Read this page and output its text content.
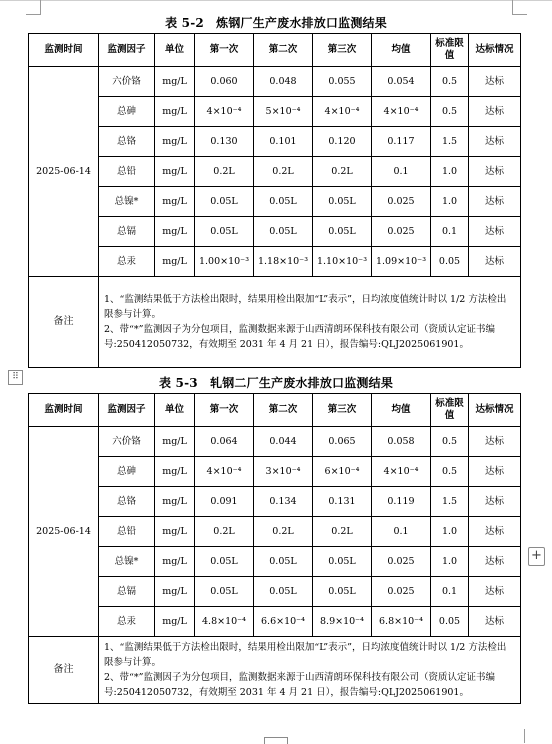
表 5-2　炼钢厂生产废水排放口监测结果
监测时间	监测因子	单位	第一次	第二次	第三次	均值	标准限值	达标情况
2025-06-14	六价铬	mg/L	0.060	0.048	0.055	0.054	0.5	达标
	总砷	mg/L	4×10⁻⁴	5×10⁻⁴	4×10⁻⁴	4×10⁻⁴	0.5	达标
	总铬	mg/L	0.130	0.101	0.120	0.117	1.5	达标
	总铅	mg/L	0.2L	0.2L	0.2L	0.1	1.0	达标
	总镍*	mg/L	0.05L	0.05L	0.05L	0.025	1.0	达标
	总镉	mg/L	0.05L	0.05L	0.05L	0.025	0.1	达标
	总汞	mg/L	1.00×10⁻³	1.18×10⁻³	1.10×10⁻³	1.09×10⁻³	0.05	达标
备注	1、“监测结果低于方法检出限时，结果用检出限加“L”表示”，日均浓度值统计时以 1/2 方法检出限参与计算。
2、带“*”监测因子为分包项目，监测数据来源于山西清朗环保科技有限公司（资质认定证书编号:250412050732，有效期至 2031 年 4 月 21 日），报告编号:QLJ2025061901。							
⠿	表 5-3　轧钢二厂生产废水排放口监测结果
监测时间	监测因子	单位	第一次	第二次	第三次	均值	标准限值	达标情况
2025-06-14	六价铬	mg/L	0.064	0.044	0.065	0.058	0.5	达标
	总砷	mg/L	4×10⁻⁴	3×10⁻⁴	6×10⁻⁴	4×10⁻⁴	0.5	达标
	总铬	mg/L	0.091	0.134	0.131	0.119	1.5	达标
	总铅	mg/L	0.2L	0.2L	0.2L	0.1	1.0	达标
	总镍*	mg/L	0.05L	0.05L	0.05L	0.025	1.0	达标
	总镉	mg/L	0.05L	0.05L	0.05L	0.025	0.1	达标
	总汞	mg/L	4.8×10⁻⁴	6.6×10⁻⁴	8.9×10⁻⁴	6.8×10⁻⁴	0.05	达标
备注	1、“监测结果低于方法检出限时，结果用检出限加“L”表示”，日均浓度值统计时以 1/2 方法检出限参与计算。
2、带“*”监测因子为分包项目，监测数据来源于山西清朗环保科技有限公司（资质认定证书编号:250412050732，有效期至 2031 年 4 月 21 日），报告编号:QLJ2025061901。							
+
